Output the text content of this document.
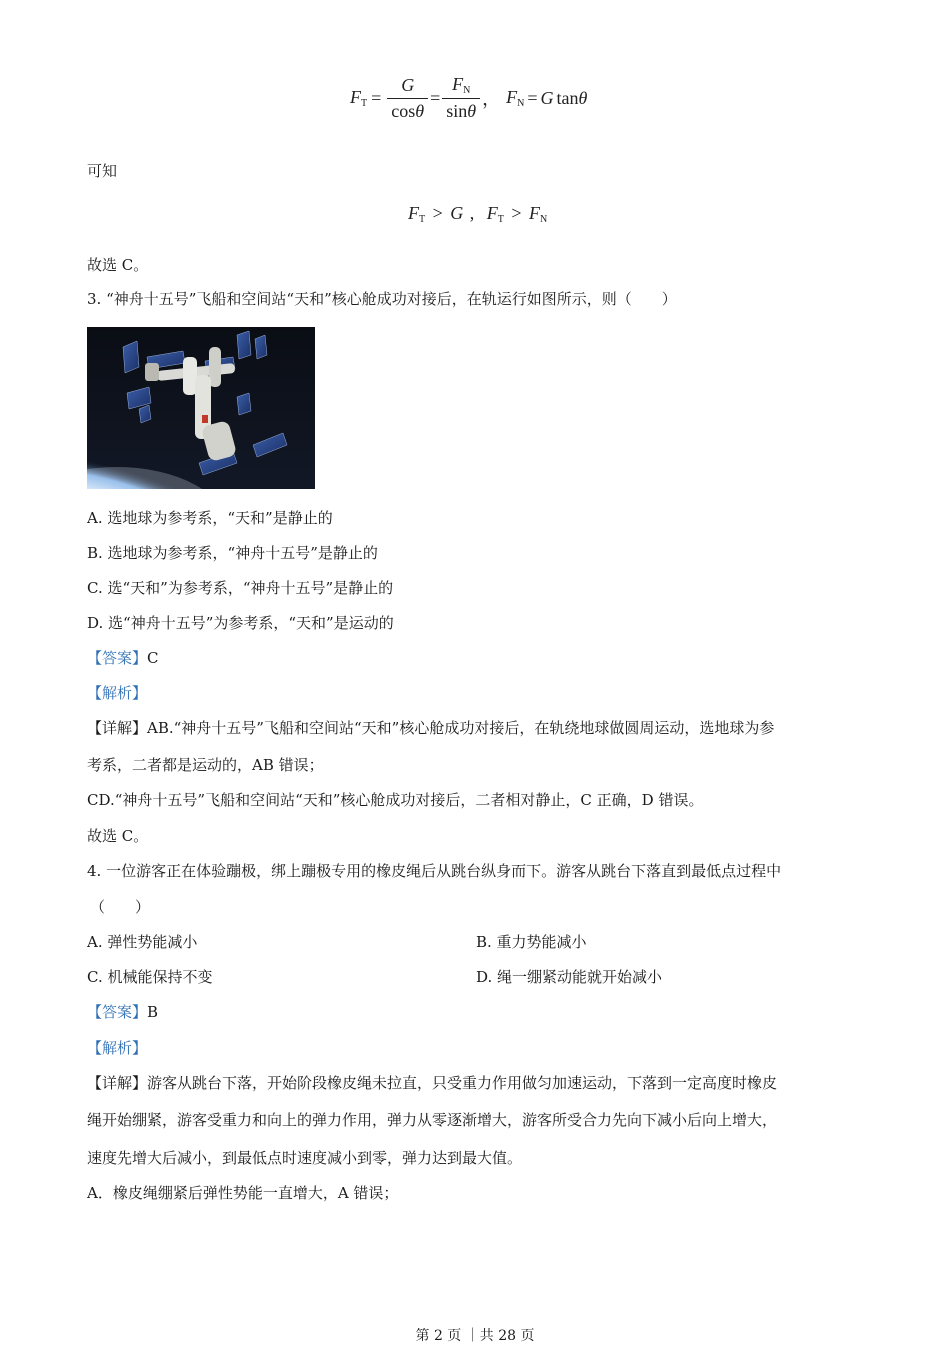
$F_T = \frac{G}{\cos\theta} = \frac{F_N}{\sin\theta}$ ， $F_N = G$ tan θ
可知
$F_T > G$ , $F_T > F_N$
故选 C。
3. “神舟十五号”飞船和空间站“天和”核心舱成功对接后，在轨运行如图所示，则（　　）
A. 选地球为参考系，“天和”是静止的
B. 选地球为参考系，“神舟十五号”是静止的
C. 选“天和”为参考系，“神舟十五号”是静止的
D. 选“神舟十五号”为参考系，“天和”是运动的
【答案】C
【解析】
【详解】AB.“神舟十五号”飞船和空间站“天和”核心舱成功对接后，在轨绕地球做圆周运动，选地球为参
考系，二者都是运动的，AB 错误；
CD.“神舟十五号”飞船和空间站“天和”核心舱成功对接后，二者相对静止，C 正确，D 错误。
故选 C。
4. 一位游客正在体验蹦极，绑上蹦极专用的橡皮绳后从跳台纵身而下。游客从跳台下落直到最低点过程中
（　　）
A. 弹性势能减小	B. 重力势能减小
C. 机械能保持不变	D. 绳一绷紧动能就开始减小
【答案】B
【解析】
【详解】游客从跳台下落，开始阶段橡皮绳未拉直，只受重力作用做匀加速运动，下落到一定高度时橡皮
绳开始绷紧，游客受重力和向上的弹力作用，弹力从零逐渐增大，游客所受合力先向下减小后向上增大，
速度先增大后减小，到最低点时速度减小到零，弹力达到最大值。
A．橡皮绳绷紧后弹性势能一直增大，A 错误；
第 2 页 ｜共 28 页
